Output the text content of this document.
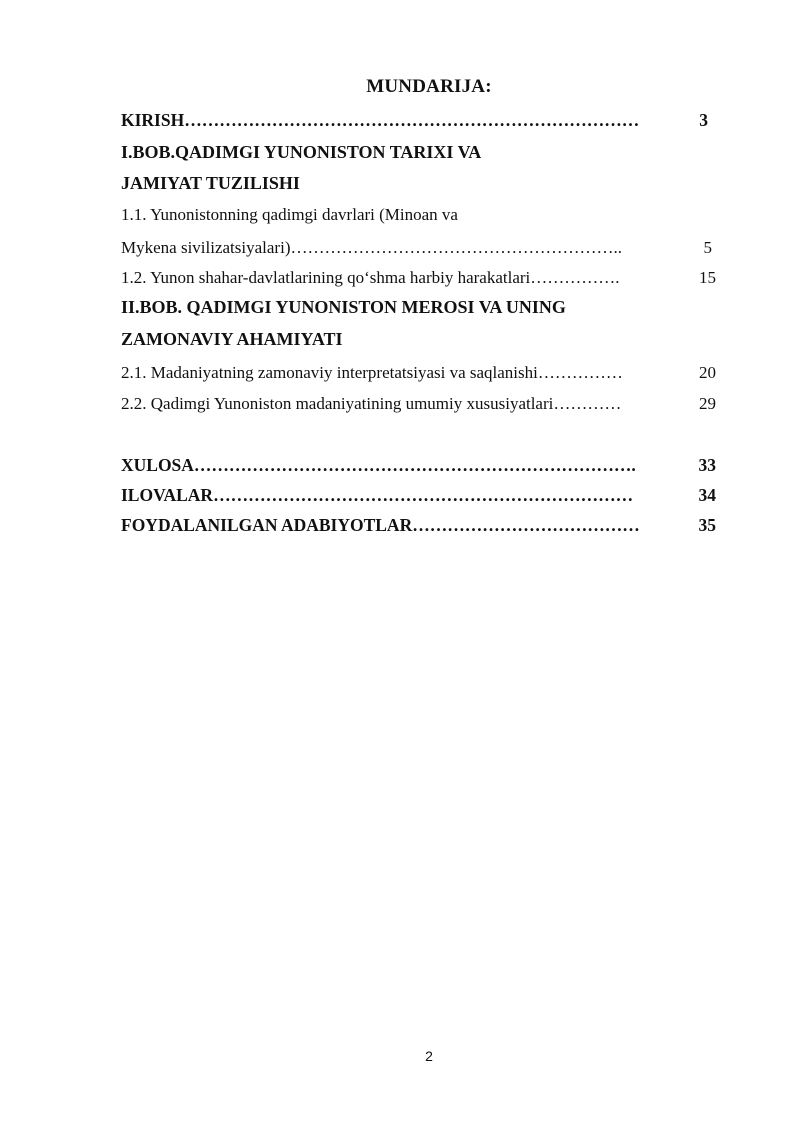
MUNDARIJA:
KIRISH……………………………………………………………………	3
I.BOB.QADIMGI YUNONISTON TARIXI VA
JAMIYAT TUZILISHI
1.1. Yunonistonning qadimgi davrlari (Minoan va
Mykena sivilizatsiyalari)…………………………………………………..	5
1.2. Yunon shahar-davlatlarining qoʻshma harbiy harakatlari…………….	15
II.BOB. QADIMGI YUNONISTON MEROSI VA UNING
ZAMONAVIY AHAMIYATI
2.1. Madaniyatning zamonaviy interpretatsiyasi va saqlanishi……………	20
2.2. Qadimgi Yunoniston madaniyatining umumiy xususiyatlari…………	29
XULOSA………………………………………………………………….	33
ILOVALAR………………………………………………………………	34
FOYDALANILGAN ADABIYOTLAR…………………………………	35
2
